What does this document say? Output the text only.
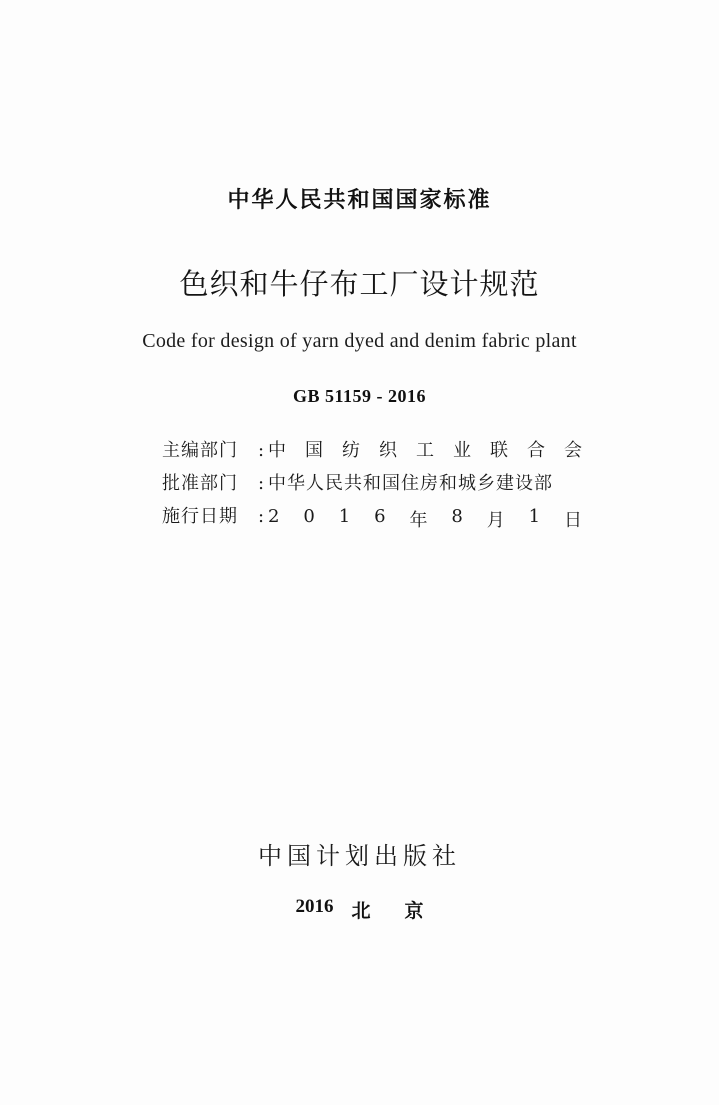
中华人民共和国国家标准
色织和牛仔布工厂设计规范
Code for design of yarn dyed and denim fabric plant
GB 51159 - 2016
主编部门	: 中 国 纺 织 工 业 联 合 会
批准部门	: 中华人民共和国住房和城乡建设部
施行日期	: 2 0 1 6 年 8 月 1 日
中国计划出版社
2016 北 京
